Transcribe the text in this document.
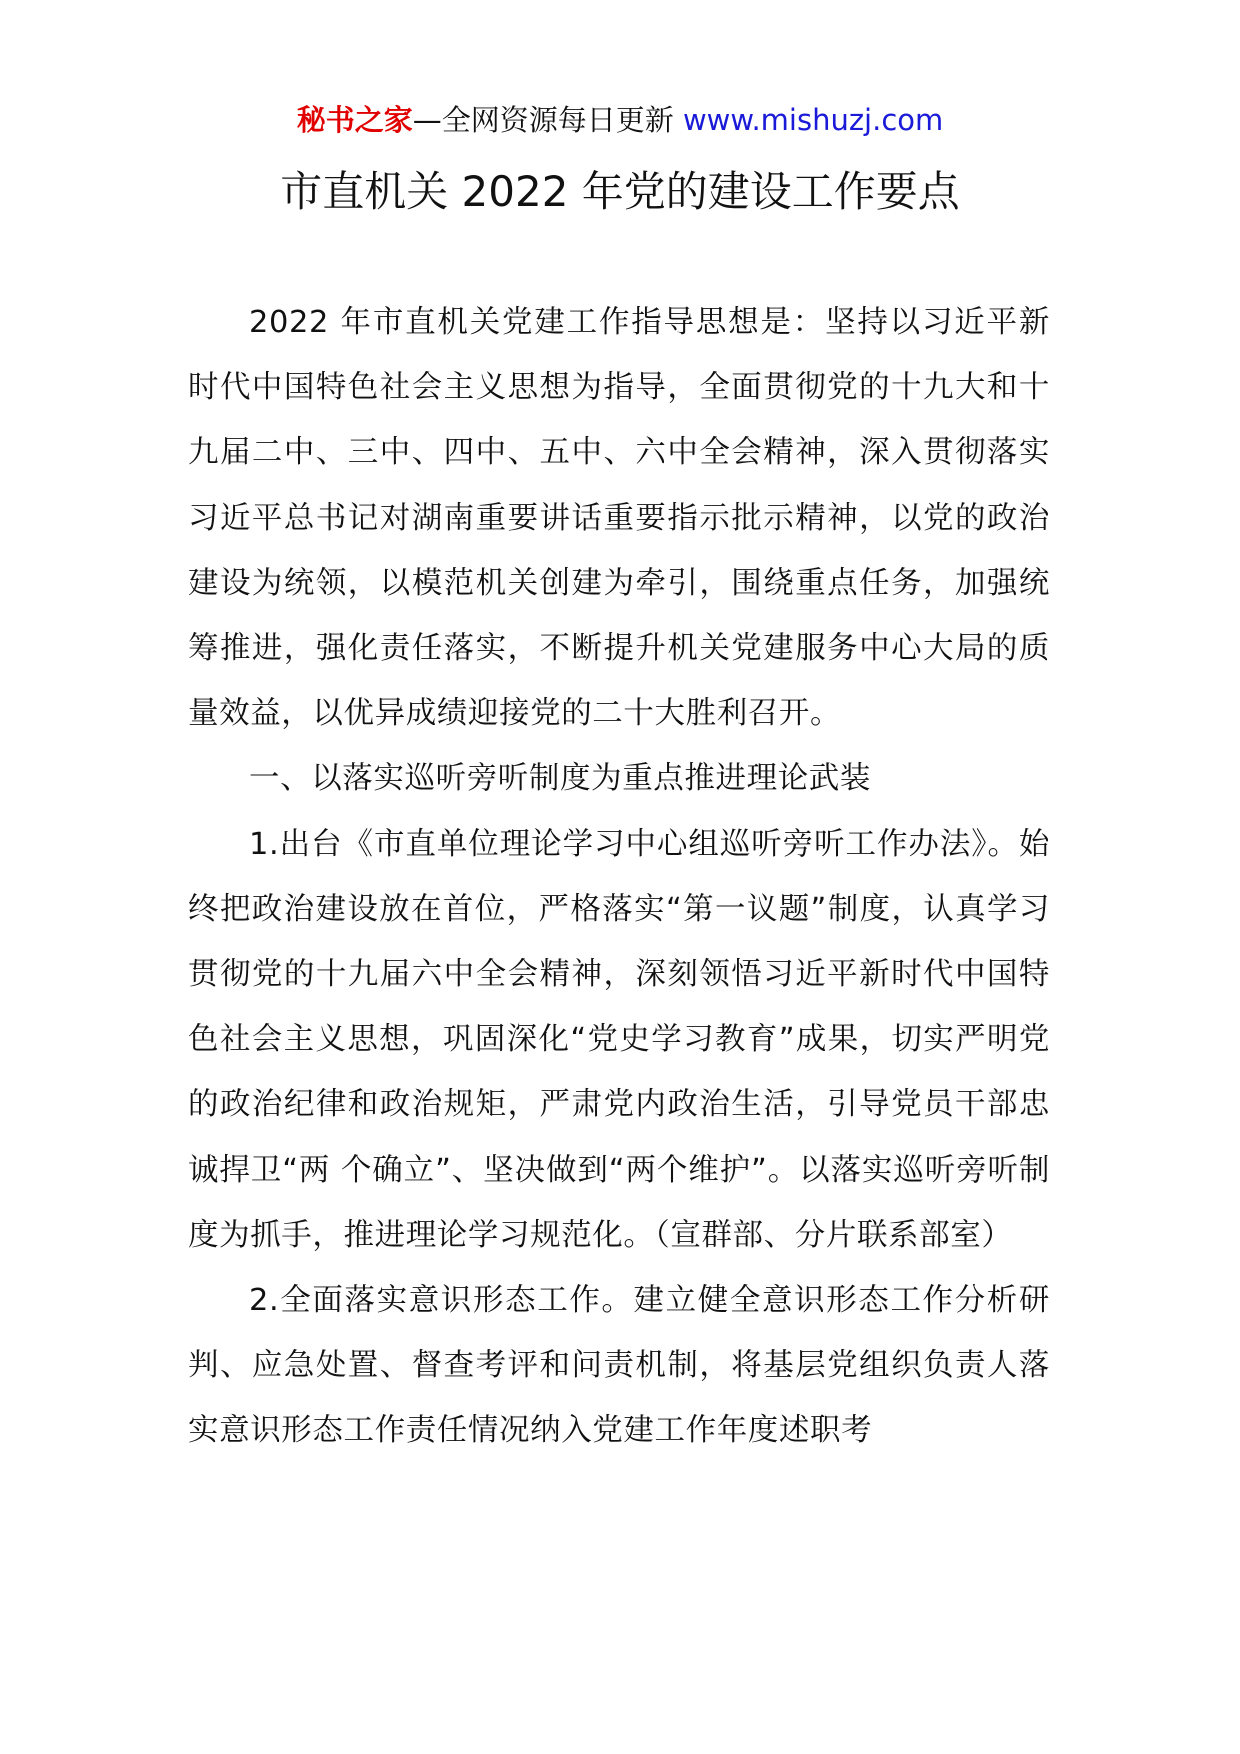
秘书之家—全网资源每日更新 www.mishuzj.com
市直机关 2022 年党的建设工作要点

2022 年市直机关党建工作指导思想是：坚持以习近平新时代中国特色社会主义思想为指导，全面贯彻党的十九大和十九届二中、三中、四中、五中、六中全会精神，深入贯彻落实习近平总书记对湖南重要讲话重要指示批示精神，以党的政治建设为统领，以模范机关创建为牵引，围绕重点任务，加强统筹推进，强化责任落实，不断提升机关党建服务中心大局的质量效益，以优异成绩迎接党的二十大胜利召开。

一、以落实巡听旁听制度为重点推进理论武装

1.出台《市直单位理论学习中心组巡听旁听工作办法》。始终把政治建设放在首位，严格落实“第一议题”制度，认真学习贯彻党的十九届六中全会精神，深刻领悟习近平新时代中国特色社会主义思想，巩固深化“党史学习教育”成果，切实严明党的政治纪律和政治规矩，严肃党内政治生活，引导党员干部忠诚捍卫“两 个确立”、坚决做到“两个维护”。以落实巡听旁听制度为抓手，推进理论学习规范化。（宣群部、分片联系部室）

2.全面落实意识形态工作。建立健全意识形态工作分析研判、应急处置、督查考评和问责机制，将基层党组织负责人落实意识形态工作责任情况纳入党建工作年度述职考
